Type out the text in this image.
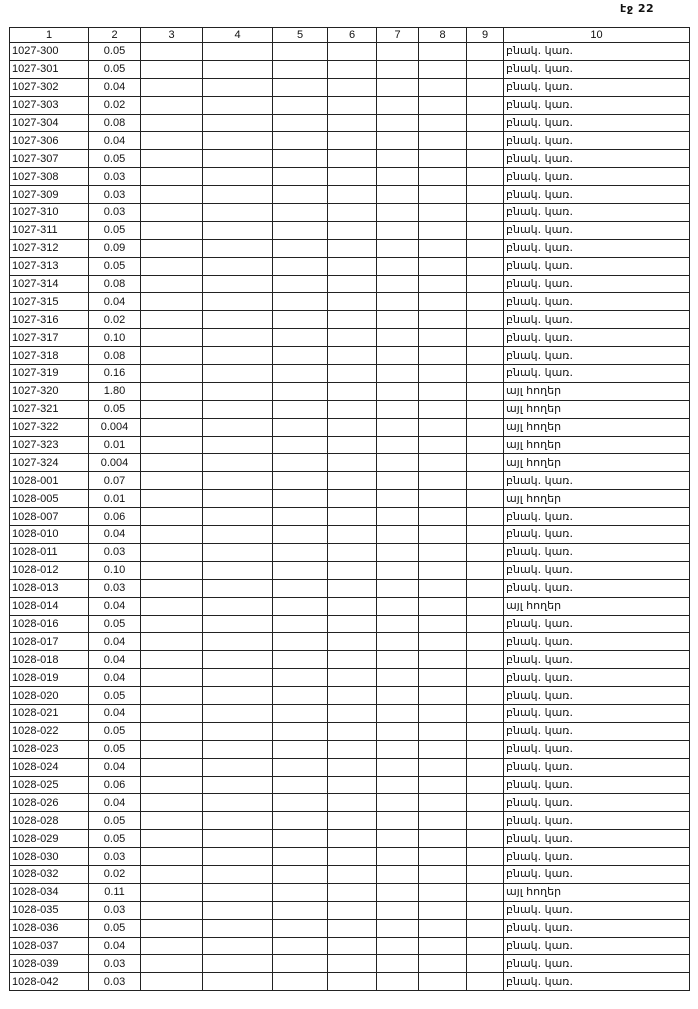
էջ 22
1	2	3	4	5	6	7	8	9	10
1027-300	0.05								բնակ. կառ.
1027-301	0.05								բնակ. կառ.
1027-302	0.04								բնակ. կառ.
1027-303	0.02								բնակ. կառ.
1027-304	0.08								բնակ. կառ.
1027-306	0.04								բնակ. կառ.
1027-307	0.05								բնակ. կառ.
1027-308	0.03								բնակ. կառ.
1027-309	0.03								բնակ. կառ.
1027-310	0.03								բնակ. կառ.
1027-311	0.05								բնակ. կառ.
1027-312	0.09								բնակ. կառ.
1027-313	0.05								բնակ. կառ.
1027-314	0.08								բնակ. կառ.
1027-315	0.04								բնակ. կառ.
1027-316	0.02								բնակ. կառ.
1027-317	0.10								բնակ. կառ.
1027-318	0.08								բնակ. կառ.
1027-319	0.16								բնակ. կառ.
1027-320	1.80								այլ հողեր
1027-321	0.05								այլ հողեր
1027-322	0.004								այլ հողեր
1027-323	0.01								այլ հողեր
1027-324	0.004								այլ հողեր
1028-001	0.07								բնակ. կառ.
1028-005	0.01								այլ հողեր
1028-007	0.06								բնակ. կառ.
1028-010	0.04								բնակ. կառ.
1028-011	0.03								բնակ. կառ.
1028-012	0.10								բնակ. կառ.
1028-013	0.03								բնակ. կառ.
1028-014	0.04								այլ հողեր
1028-016	0.05								բնակ. կառ.
1028-017	0.04								բնակ. կառ.
1028-018	0.04								բնակ. կառ.
1028-019	0.04								բնակ. կառ.
1028-020	0.05								բնակ. կառ.
1028-021	0.04								բնակ. կառ.
1028-022	0.05								բնակ. կառ.
1028-023	0.05								բնակ. կառ.
1028-024	0.04								բնակ. կառ.
1028-025	0.06								բնակ. կառ.
1028-026	0.04								բնակ. կառ.
1028-028	0.05								բնակ. կառ.
1028-029	0.05								բնակ. կառ.
1028-030	0.03								բնակ. կառ.
1028-032	0.02								բնակ. կառ.
1028-034	0.11								այլ հողեր
1028-035	0.03								բնակ. կառ.
1028-036	0.05								բնակ. կառ.
1028-037	0.04								բնակ. կառ.
1028-039	0.03								բնակ. կառ.
1028-042	0.03								բնակ. կառ.
